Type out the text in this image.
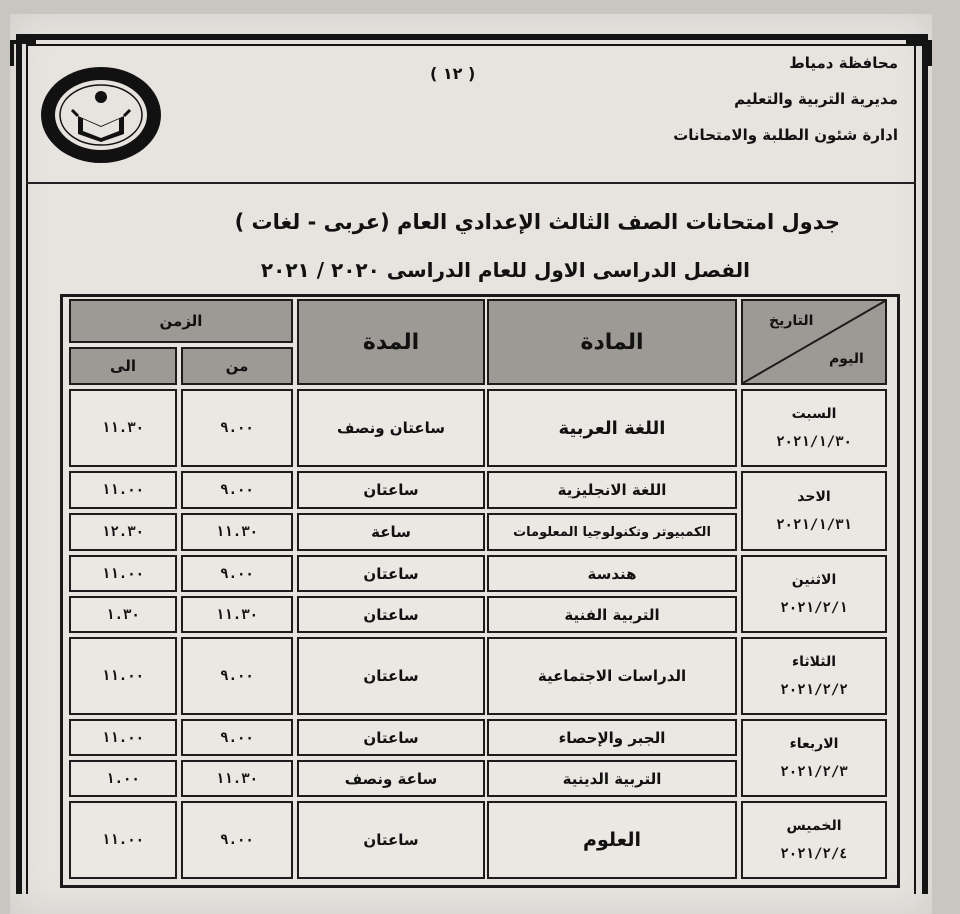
محافظة دمياط
مديرية التربية والتعليم
ادارة شئون الطلبة والامتحانات
( ١٢ )
جدول امتحانات الصف الثالث الإعدادي العام (عربى - لغات )
الفصل الدراسى الاول للعام الدراسى ٢٠٢٠ / ٢٠٢١
التاريخ
اليوم
المادة
المدة
الزمن
من
الى
السبت
٢٠٢١/١/٣٠
الاحد
٢٠٢١/١/٣١
الاثنين
٢٠٢١/٢/١
الثلاثاء
٢٠٢١/٢/٢
الاربعاء
٢٠٢١/٢/٣
الخميس
٢٠٢١/٢/٤
اللغة العربية
ساعتان ونصف
٩.٠٠
١١.٣٠
اللغة الانجليزية
ساعتان
٩.٠٠
١١.٠٠
الكمبيوتر وتكنولوجيا المعلومات
ساعة
١١.٣٠
١٢.٣٠
هندسة
ساعتان
٩.٠٠
١١.٠٠
التربية الفنية
ساعتان
١١.٣٠
١.٣٠
الدراسات الاجتماعية
ساعتان
٩.٠٠
١١.٠٠
الجبر والإحصاء
ساعتان
٩.٠٠
١١.٠٠
التربية الدينية
ساعة ونصف
١١.٣٠
١.٠٠
العلوم
ساعتان
٩.٠٠
١١.٠٠
